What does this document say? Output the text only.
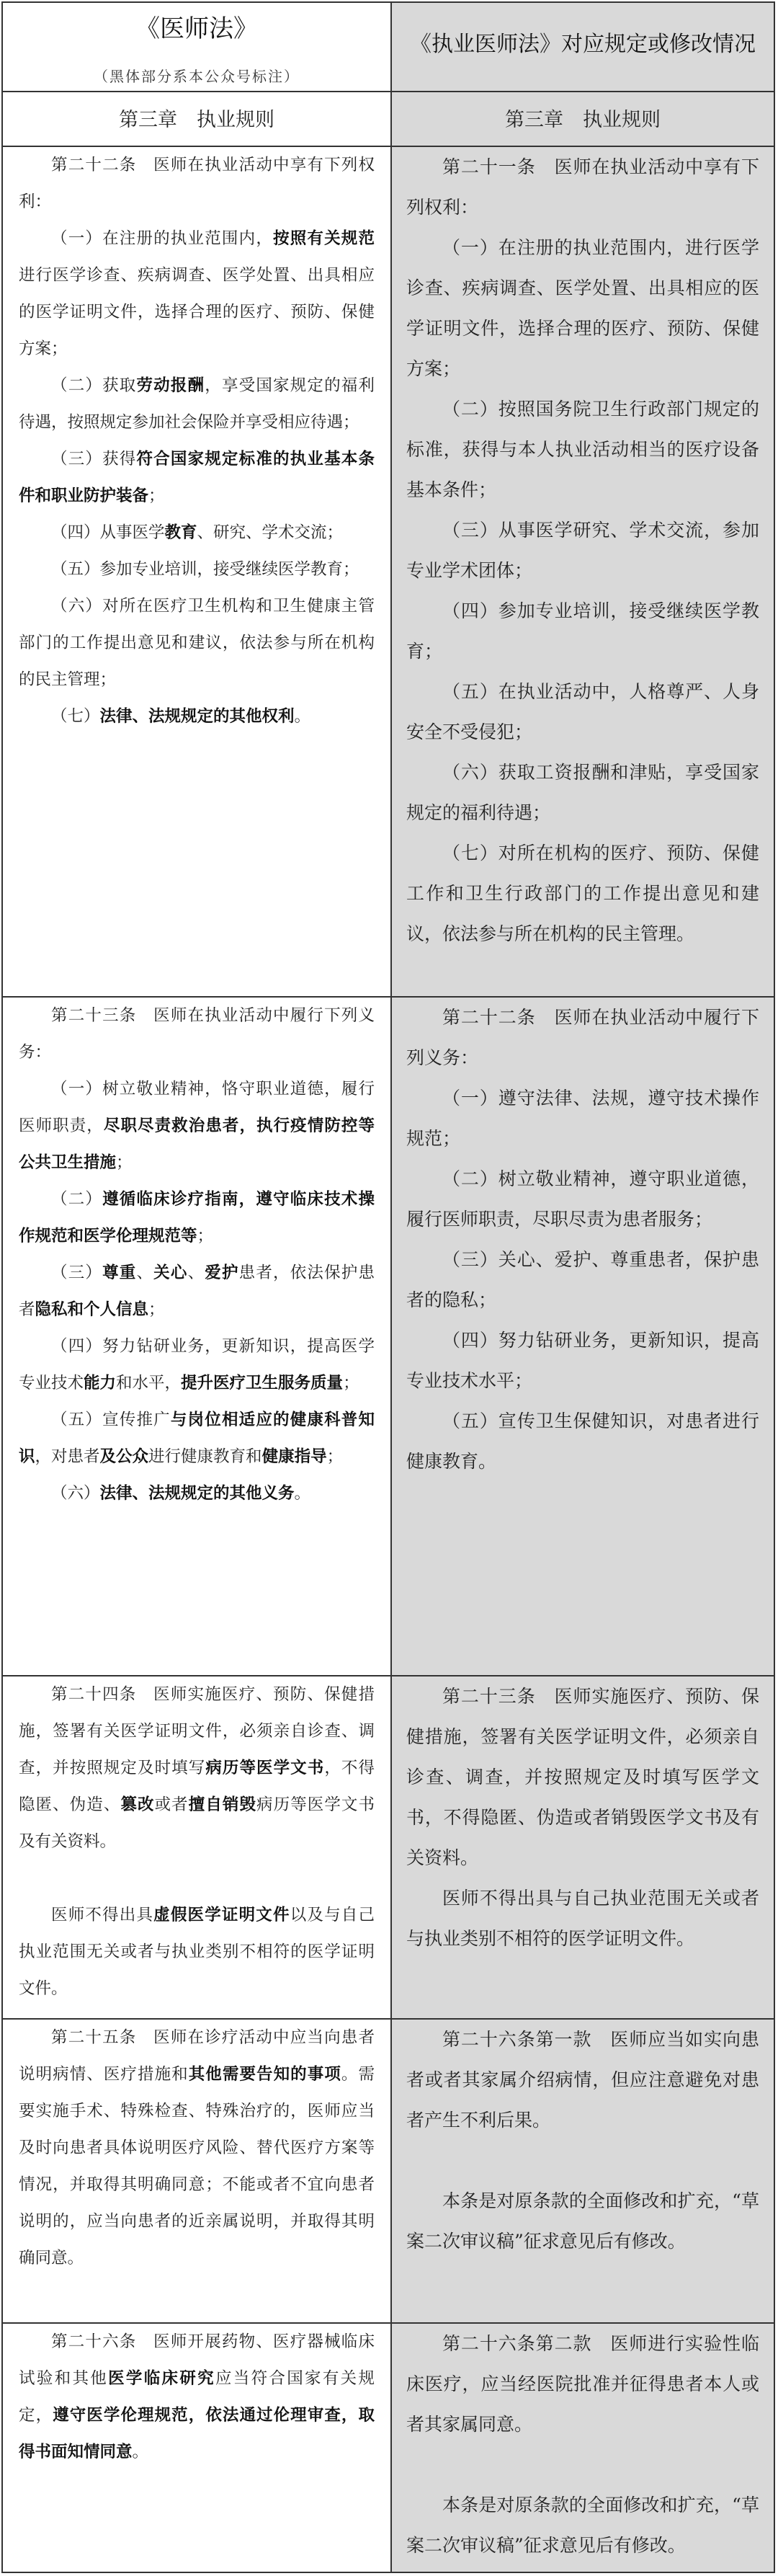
《医师法》
（黑体部分系本公众号标注）
《执业医师法》对应规定或修改情况
第三章　执业规则	第三章　执业规则

第二十二条　医师在执业活动中享有下列权利：

（一）在注册的执业范围内，按照有关规范进行医学诊查、疾病调查、医学处置、出具相应的医学证明文件，选择合理的医疗、预防、保健方案；

（二）获取劳动报酬，享受国家规定的福利待遇，按照规定参加社会保险并享受相应待遇；

（三）获得符合国家规定标准的执业基本条件和职业防护装备；

（四）从事医学教育、研究、学术交流；

（五）参加专业培训，接受继续医学教育；

（六）对所在医疗卫生机构和卫生健康主管部门的工作提出意见和建议，依法参与所在机构的民主管理；

（七）法律、法规规定的其他权利。

第二十一条　医师在执业活动中享有下列权利：

（一）在注册的执业范围内，进行医学诊查、疾病调查、医学处置、出具相应的医学证明文件，选择合理的医疗、预防、保健方案；

（二）按照国务院卫生行政部门规定的标准，获得与本人执业活动相当的医疗设备基本条件；

（三）从事医学研究、学术交流，参加专业学术团体；

（四）参加专业培训，接受继续医学教育；

（五）在执业活动中，人格尊严、人身安全不受侵犯；

（六）获取工资报酬和津贴，享受国家规定的福利待遇；

（七）对所在机构的医疗、预防、保健工作和卫生行政部门的工作提出意见和建议，依法参与所在机构的民主管理。

第二十三条　医师在执业活动中履行下列义务：

（一）树立敬业精神，恪守职业道德，履行医师职责，尽职尽责救治患者，执行疫情防控等公共卫生措施；

（二）遵循临床诊疗指南，遵守临床技术操作规范和医学伦理规范等；

（三）尊重、关心、爱护患者，依法保护患者隐私和个人信息；

（四）努力钻研业务，更新知识，提高医学专业技术能力和水平，提升医疗卫生服务质量；

（五）宣传推广与岗位相适应的健康科普知识，对患者及公众进行健康教育和健康指导；

（六）法律、法规规定的其他义务。

第二十二条　医师在执业活动中履行下列义务：

（一）遵守法律、法规，遵守技术操作规范；

（二）树立敬业精神，遵守职业道德，履行医师职责，尽职尽责为患者服务；

（三）关心、爱护、尊重患者，保护患者的隐私；

（四）努力钻研业务，更新知识，提高专业技术水平；

（五）宣传卫生保健知识，对患者进行健康教育。

第二十四条　医师实施医疗、预防、保健措施，签署有关医学证明文件，必须亲自诊查、调查，并按照规定及时填写病历等医学文书，不得隐匿、伪造、篡改或者擅自销毁病历等医学文书及有关资料。

医师不得出具虚假医学证明文件以及与自己执业范围无关或者与执业类别不相符的医学证明文件。

第二十三条　医师实施医疗、预防、保健措施，签署有关医学证明文件，必须亲自诊查、调查，并按照规定及时填写医学文书，不得隐匿、伪造或者销毁医学文书及有关资料。

医师不得出具与自己执业范围无关或者与执业类别不相符的医学证明文件。

第二十五条　医师在诊疗活动中应当向患者说明病情、医疗措施和其他需要告知的事项。需要实施手术、特殊检查、特殊治疗的，医师应当及时向患者具体说明医疗风险、替代医疗方案等情况，并取得其明确同意；不能或者不宜向患者说明的，应当向患者的近亲属说明，并取得其明确同意。

第二十六条第一款　医师应当如实向患者或者其家属介绍病情，但应注意避免对患者产生不利后果。

本条是对原条款的全面修改和扩充，“草案二次审议稿”征求意见后有修改。

第二十六条　医师开展药物、医疗器械临床试验和其他医学临床研究应当符合国家有关规定，遵守医学伦理规范，依法通过伦理审查，取得书面知情同意。

第二十六条第二款　医师进行实验性临床医疗，应当经医院批准并征得患者本人或者其家属同意。

本条是对原条款的全面修改和扩充，“草案二次审议稿”征求意见后有修改。
